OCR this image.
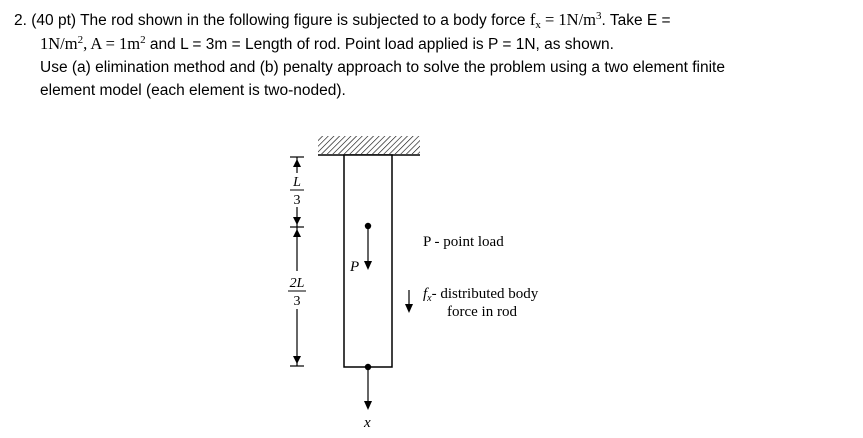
2. (40 pt) The rod shown in the following figure is subjected to a body force $f_x = 1N/m^3$. Take E =

$1N/m^2$, $A = 1m^2$ and L = 3m = Length of rod. Point load applied is P = 1N, as shown.

Use (a) elimination method and (b) penalty approach to solve the problem using a two element finite

element model (each element is two-noded).

P
x
L
3
2L
3
P - point load
$f_x-$ distributed body
force in rod
